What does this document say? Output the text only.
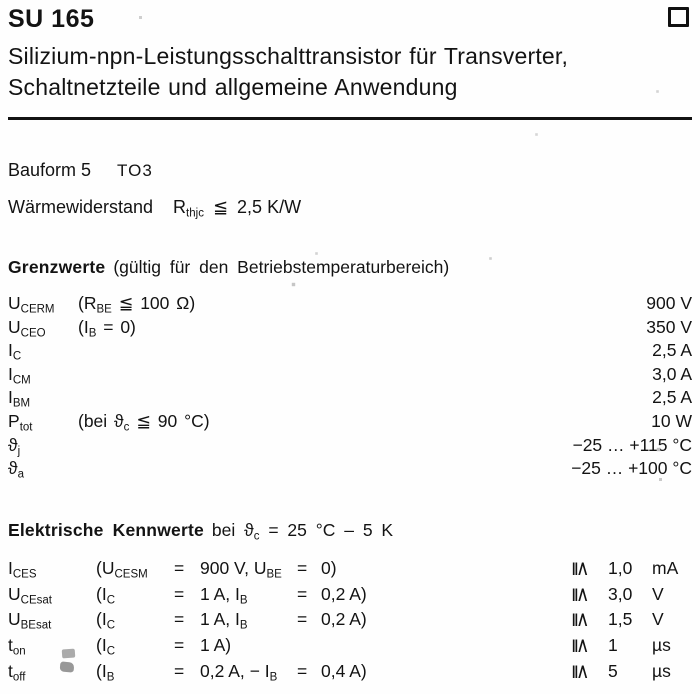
SU 165
Silizium-npn-Leistungsschalttransistor für Transverter,
Schaltnetzteile und allgemeine Anwendung
Bauform 5 TO3
Wärmewiderstand $R_{thjc}$ ≦ 2,5 K/W
Grenzwerte (gültig für den Betriebstemperaturbereich)
$U_{CERM}$	($R_{BE}$ ≦ 100 Ω)	900 V
$U_{CEO}$	$(I_B = 0)$	350 V
$I_C$	2,5 A
$I_{CM}$	3,0 A
$I_{BM}$	2,5 A
$P_{tot}$	(bei $ϑ_c$ ≦ 90 °C)	10 W
$ϑ_j$	−25 … +115 °C
$ϑ_a$	−25 … +100 °C
Elektrische Kennwerte bei $ϑ_c = 25$ °C – 5 K
$I_{CES}$	($U_{CESM}$	= 900 V, $U_{BE} = 0$)	≦ 1,0	mA
$U_{CEsat}$	($I_C$	= 1 A, $I_B$	= 0,2 A)	≦ 3,0	V
$U_{BEsat}$	($I_C$	= 1 A, $I_B$	= 0,2 A)	≦ 1,5	V
$t_{on}$	($I_C$	= 1 A)	≦ 1	µs
$t_{off}$	($I_B$	= 0,2 A, − $I_B$	= 0,4 A)	≦ 5	µs
